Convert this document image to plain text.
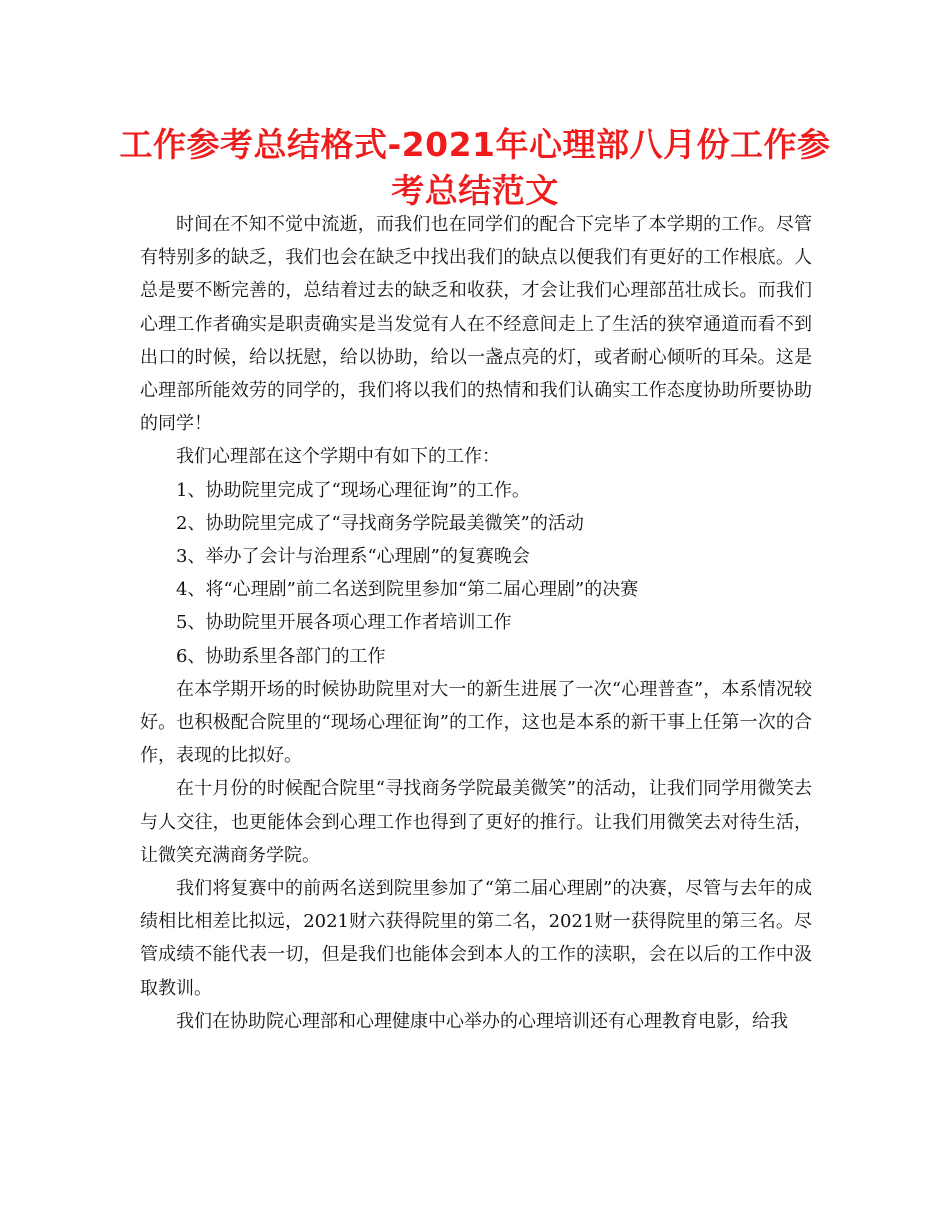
工作参考总结格式-2021年心理部八月份工作参考总结范文

时间在不知不觉中流逝，而我们也在同学们的配合下完毕了本学期的工作。尽管有特别多的缺乏，我们也会在缺乏中找出我们的缺点以便我们有更好的工作根底。人总是要不断完善的，总结着过去的缺乏和收获，才会让我们心理部茁壮成长。而我们心理工作者确实是职责确实是当发觉有人在不经意间走上了生活的狭窄通道而看不到出口的时候，给以抚慰，给以协助，给以一盏点亮的灯，或者耐心倾听的耳朵。这是心理部所能效劳的同学的，我们将以我们的热情和我们认确实工作态度协助所要协助的同学！

我们心理部在这个学期中有如下的工作：

1、协助院里完成了“现场心理征询”的工作。

2、协助院里完成了“寻找商务学院最美微笑”的活动

3、举办了会计与治理系“心理剧”的复赛晚会

4、将“心理剧”前二名送到院里参加“第二届心理剧”的决赛

5、协助院里开展各项心理工作者培训工作

6、协助系里各部门的工作

在本学期开场的时候协助院里对大一的新生进展了一次“心理普查”，本系情况较好。也积极配合院里的“现场心理征询”的工作，这也是本系的新干事上任第一次的合作，表现的比拟好。

在十月份的时候配合院里“寻找商务学院最美微笑”的活动，让我们同学用微笑去与人交往，也更能体会到心理工作也得到了更好的推行。让我们用微笑去对待生活，让微笑充满商务学院。

我们将复赛中的前两名送到院里参加了“第二届心理剧”的决赛，尽管与去年的成绩相比相差比拟远，2021财六获得院里的第二名，2021财一获得院里的第三名。尽管成绩不能代表一切，但是我们也能体会到本人的工作的渎职，会在以后的工作中汲取教训。

我们在协助院心理部和心理健康中心举办的心理培训还有心理教育电影，给我
